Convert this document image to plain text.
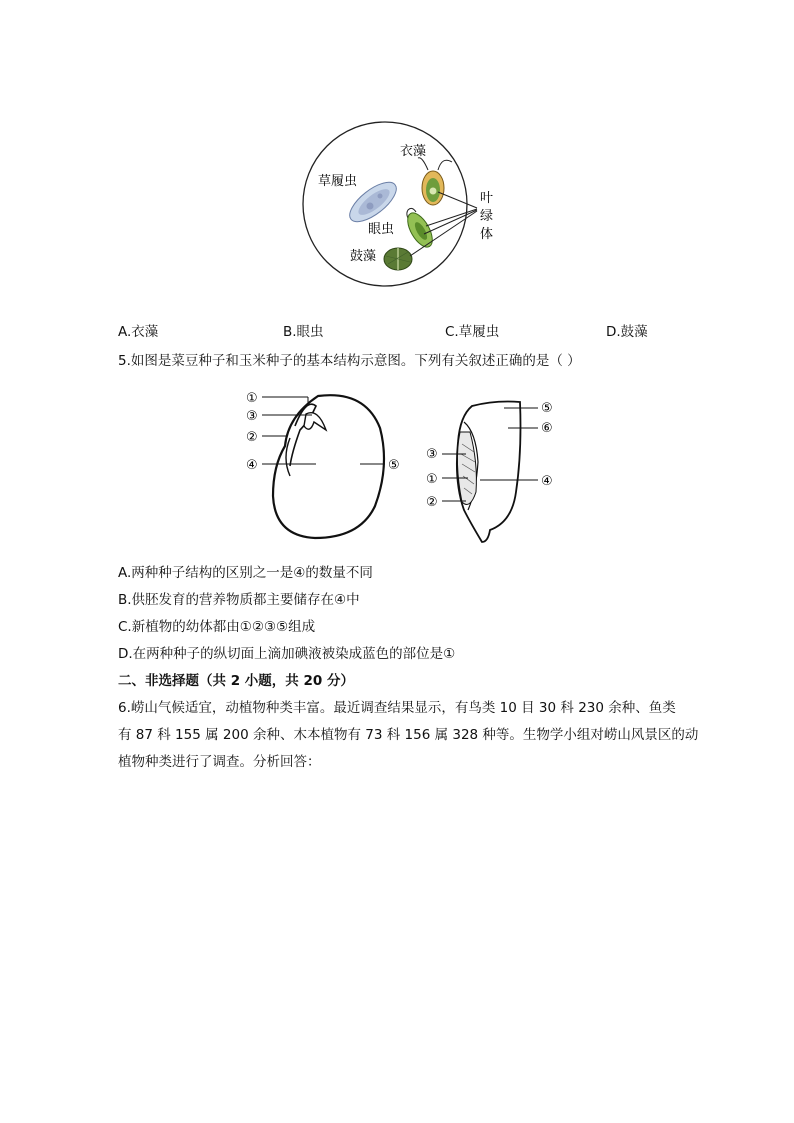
衣藻
草履虫
眼虫
鼓藻
叶
绿
体
A.衣藻	B.眼虫	C.草履虫	D.鼓藻
5.如图是菜豆种子和玉米种子的基本结构示意图。下列有关叙述正确的是（ ）
①
③
②
④	⑤
⑤
⑥
③
①	④
②
A.两种种子结构的区别之一是④的数量不同
B.供胚发育的营养物质都主要储存在④中
C.新植物的幼体都由①②③⑤组成
D.在两种种子的纵切面上滴加碘液被染成蓝色的部位是①
二、非选择题（共 2 小题，共 20 分）
6.崂山气候适宜，动植物种类丰富。最近调查结果显示，有鸟类 10 目 30 科 230 余种、鱼类
有 87 科 155 属 200 余种、木本植物有 73 科 156 属 328 种等。生物学小组对崂山风景区的动
植物种类进行了调查。分析回答：
